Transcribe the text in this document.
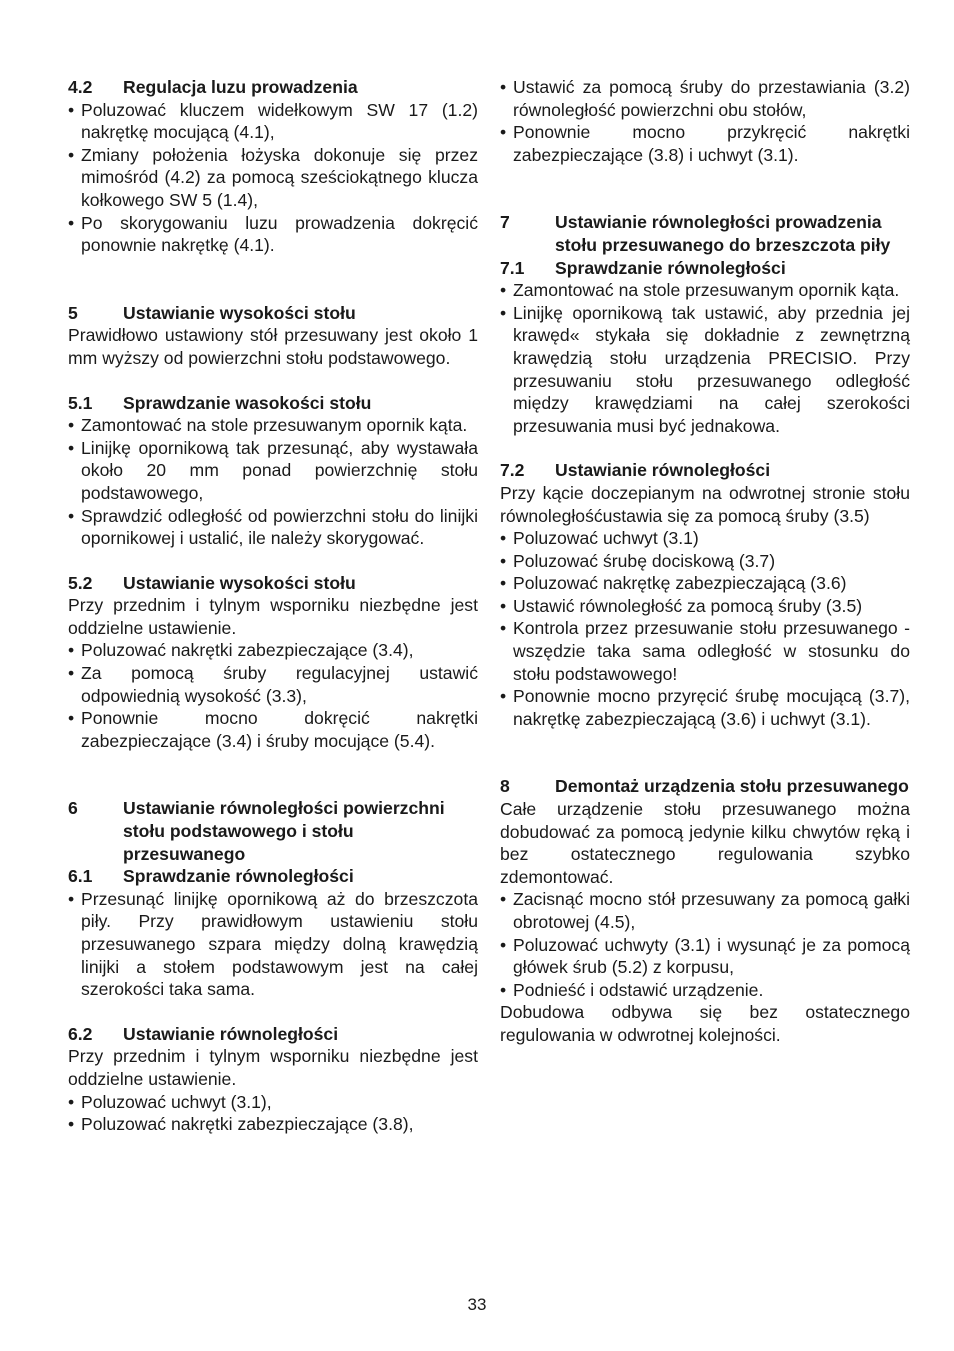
4.2	Regulacja luzu prowadzenia
• Poluzować kluczem widełkowym SW 17 (1.2) nakrętkę mocującą (4.1),
• Zmiany położenia łożyska dokonuje się przez mimośród (4.2) za pomocą sześciokątnego klucza kołkowego SW 5 (1.4),
• Po skorygowaniu luzu prowadzenia dokręcić ponownie nakrętkę (4.1).
5	Ustawianie wysokości stołu
Prawidłowo ustawiony stół przesuwany jest około 1 mm wyższy od powierzchni stołu podstawowego.
5.1	Sprawdzanie wasokości stołu
• Zamontować na stole przesuwanym opornik kąta.
• Linijkę opornikową tak przesunąć, aby wystawała około 20 mm ponad powierzchnię stołu podstawowego,
• Sprawdzić odległość od powierzchni stołu do linijki opornikowej i ustalić, ile należy skorygować.
5.2	Ustawianie wysokości stołu
Przy przednim i tylnym wsporniku niezbędne jest oddzielne ustawienie.
• Poluzować nakrętki zabezpieczające (3.4),
• Za pomocą śruby regulacyjnej ustawić odpowiednią wysokość (3.3),
• Ponownie mocno dokręcić nakrętki zabezpieczające (3.4) i śruby mocujące (5.4).
6	Ustawianie równoległości powierzchni stołu podstawowego i stołu przesuwanego
6.1	Sprawdzanie równoległości
• Przesunąć linijkę opornikową aż do brzeszczota piły. Przy prawidłowym ustawieniu stołu przesuwanego szpara między dolną krawędzią linijki a stołem podstawowym jest na całej szerokości taka sama.
6.2	Ustawianie równoległości
Przy przednim i tylnym wsporniku niezbędne jest oddzielne ustawienie.
• Poluzować uchwyt (3.1),
• Poluzować nakrętki zabezpieczające (3.8),
• Ustawić za pomocą śruby do przestawiania (3.2) równoległość powierzchni obu stołów,
• Ponownie mocno przykręcić nakrętki zabezpieczające (3.8) i uchwyt (3.1).
7	Ustawianie równoległości prowadzenia stołu przesuwanego do brzeszczota piły
7.1	Sprawdzanie równoległości
• Zamontować na stole przesuwanym opornik kąta.
• Linijkę opornikową tak ustawić, aby przednia jej krawęd« stykała się dokładnie z zewnętrzną krawędzią stołu urządzenia PRECISIO. Przy przesuwaniu stołu przesuwanego odległość między krawędziami na całej szerokości przesuwania musi być jednakowa.
7.2	Ustawianie równoległości
Przy kącie doczepianym na odwrotnej stronie stołu równoległośćustawia się za pomocą śruby (3.5)
• Poluzować uchwyt (3.1)
• Poluzować śrubę dociskową (3.7)
• Poluzować nakrętkę zabezpieczającą (3.6)
• Ustawić równoległość za pomocą śruby (3.5)
• Kontrola przez przesuwanie stołu przesuwanego - wszędzie taka sama odległość w stosunku do stołu podstawowego!
• Ponownie mocno przyręcić śrubę mocującą (3.7), nakrętkę zabezpieczającą (3.6) i uchwyt (3.1).
8	Demontaż urządzenia stołu przesuwanego
Całe urządzenie stołu przesuwanego można dobudować za pomocą jedynie kilku chwytów ręką i bez ostatecznego regulowania szybko zdemontować.
• Zacisnąć mocno stół przesuwany za pomocą gałki obrotowej (4.5),
• Poluzować uchwyty (3.1) i wysunąć je za pomocą główek śrub (5.2) z korpusu,
• Podnieść i odstawić urządzenie.
Dobudowa odbywa się bez ostatecznego regulowania w odwrotnej kolejności.
33
